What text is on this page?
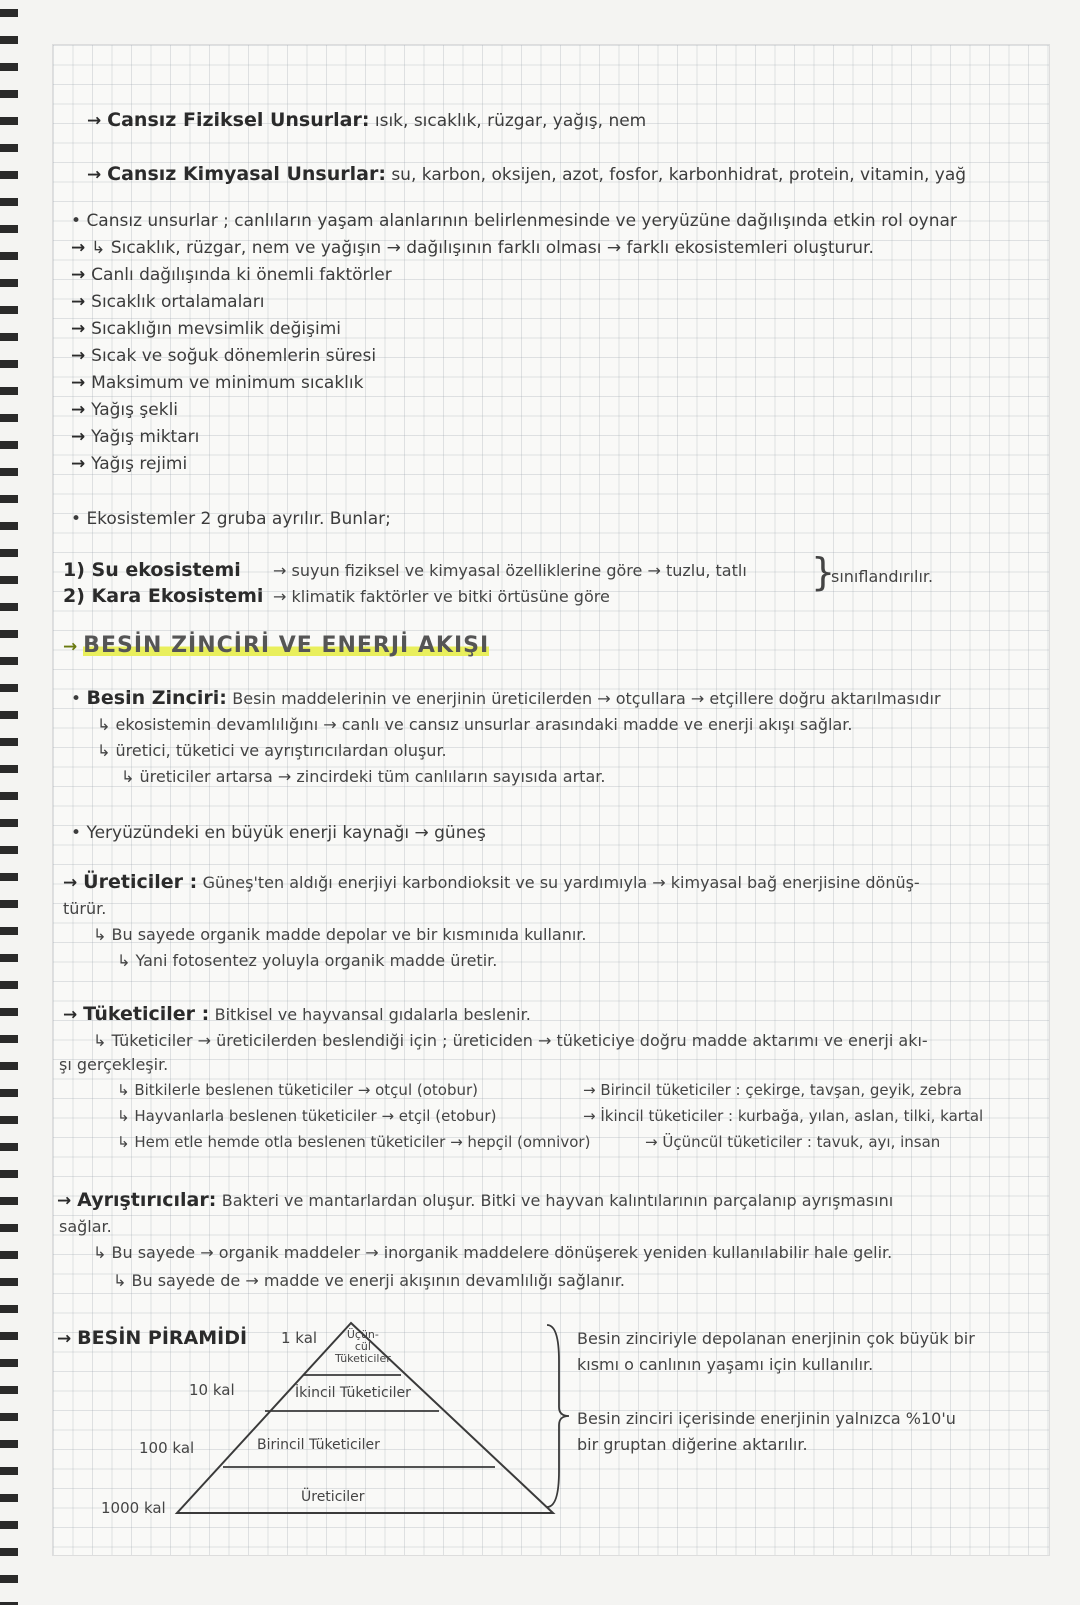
→ Cansız Fiziksel Unsurlar: ısık, sıcaklık, rüzgar, yağış, nem
→ Cansız Kimyasal Unsurlar: su, karbon, oksijen, azot, fosfor, karbonhidrat, protein, vitamin, yağ
• Cansız unsurlar ; canlıların yaşam alanlarının belirlenmesinde ve yeryüzüne dağılışında etkin rol oynar
→ ↳ Sıcaklık, rüzgar, nem ve yağışın → dağılışının farklı olması → farklı ekosistemleri oluşturur.
→ Canlı dağılışında ki önemli faktörler
→ Sıcaklık ortalamaları
→ Sıcaklığın mevsimlik değişimi
→ Sıcak ve soğuk dönemlerin süresi
→ Maksimum ve minimum sıcaklık
→ Yağış şekli
→ Yağış miktarı
→ Yağış rejimi
• Ekosistemler 2 gruba ayrılır. Bunlar;
1) Su ekosistemi → suyun fiziksel ve kimyasal özelliklerine göre → tuzlu, tatlı
2) Kara Ekosistemi → klimatik faktörler ve bitki örtüsüne göre
}
sınıflandırılır.
→ BESİN ZİNCİRİ VE ENERJİ AKIŞI
• Besin Zinciri: Besin maddelerinin ve enerjinin üreticilerden → otçullara → etçillere doğru aktarılmasıdır
↳ ekosistemin devamlılığını → canlı ve cansız unsurlar arasındaki madde ve enerji akışı sağlar.
↳ üretici, tüketici ve ayrıştırıcılardan oluşur.
↳ üreticiler artarsa → zincirdeki tüm canlıların sayısıda artar.
• Yeryüzündeki en büyük enerji kaynağı → güneş
→ Üreticiler : Güneş'ten aldığı enerjiyi karbondioksit ve su yardımıyla → kimyasal bağ enerjisine dönüş-
türür.
↳ Bu sayede organik madde depolar ve bir kısmınıda kullanır.
↳ Yani fotosentez yoluyla organik madde üretir.
→ Tüketiciler : Bitkisel ve hayvansal gıdalarla beslenir.
↳ Tüketiciler → üreticilerden beslendiği için ; üreticiden → tüketiciye doğru madde aktarımı ve enerji akı-
şı gerçekleşir.
↳ Bitkilerle beslenen tüketiciler → otçul (otobur)	→ Birincil tüketiciler : çekirge, tavşan, geyik, zebra
↳ Hayvanlarla beslenen tüketiciler → etçil (etobur)	→ İkincil tüketiciler : kurbağa, yılan, aslan, tilki, kartal
↳ Hem etle hemde otla beslenen tüketiciler → hepçil (omnivor)	→ Üçüncül tüketiciler : tavuk, ayı, insan
→ Ayrıştırıcılar: Bakteri ve mantarlardan oluşur. Bitki ve hayvan kalıntılarının parçalanıp ayrışmasını
sağlar.
↳ Bu sayede → organik maddeler → inorganik maddelere dönüşerek yeniden kullanılabilir hale gelir.
↳ Bu sayede de → madde ve enerji akışının devamlılığı sağlanır.
→ BESİN PİRAMİDİ 1 kal	Üçün-
cül
Tüketiciler
10 kal	İkincil Tüketiciler
100 kal	Birincil Tüketiciler
1000 kal
Üreticiler
Besin zinciriyle depolanan enerjinin çok büyük bir
kısmı o canlının yaşamı için kullanılır.
Besin zinciri içerisinde enerjinin yalnızca %10'u
bir gruptan diğerine aktarılır.
